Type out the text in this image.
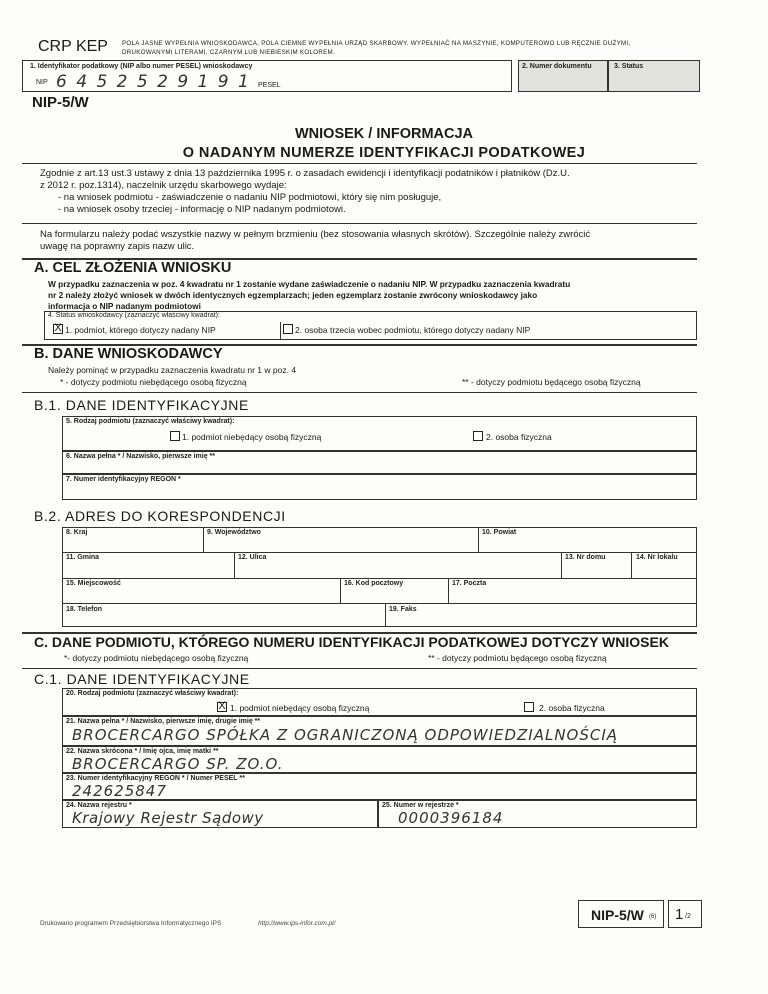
CRP KEP POLA JASNE WYPEŁNIA WNIOSKODAWCA, POLA CIEMNE WYPEŁNIA URZĄD SKARBOWY. WYPEŁNIAĆ NA MASZYNIE, KOMPUTEROWO LUB RĘCZNIE DUŻYMI,
DRUKOWANYMI LITERAMI, CZARNYM LUB NIEBIESKIM KOLOREM.
1. Identyfikator podatkowy (NIP albo numer PESEL) wnioskodawcy
NIP 6 4 5 2 5 2 9 1 9 1 PESEL
2. Numer dokumentu	3. Status
NIP-5/W
WNIOSEK / INFORMACJA
O NADANYM NUMERZE IDENTYFIKACJI PODATKOWEJ
Zgodnie z art.13 ust.3 ustawy z dnia 13 października 1995 r. o zasadach ewidencji i identyfikacji podatników i płatników (Dz.U.
z 2012 r. poz.1314), naczelnik urzędu skarbowego wydaje:
- na wniosek podmiotu - zaświadczenie o nadaniu NIP podmiotowi, który się nim posługuje,
- na wniosek osoby trzeciej - informację o NIP nadanym podmiotowi.
Na formularzu należy podać wszystkie nazwy w pełnym brzmieniu (bez stosowania własnych skrótów). Szczególnie należy zwrócić
uwagę na poprawny zapis nazw ulic.
A. CEL ZŁOŻENIA WNIOSKU
W przypadku zaznaczenia w poz. 4 kwadratu nr 1 zostanie wydane zaświadczenie o nadaniu NIP. W przypadku zaznaczenia kwadratu
nr 2 należy złożyć wniosek w dwóch identycznych egzemplarzach; jeden egzemplarz zostanie zwrócony wnioskodawcy jako
informacja o NIP nadanym podmiotowi
4. Status wnioskodawcy (zaznaczyć właściwy kwadrat):
X 1. podmiot, którego dotyczy nadany NIP	2. osoba trzecia wobec podmiotu, którego dotyczy nadany NIP
B. DANE WNIOSKODAWCY
Należy pominąć w przypadku zaznaczenia kwadratu nr 1 w poz. 4
* - dotyczy podmiotu niebędącego osobą fizyczną	** - dotyczy podmiotu będącego osobą fizyczną
B.1. DANE IDENTYFIKACYJNE
5. Rodzaj podmiotu (zaznaczyć właściwy kwadrat):
1. podmiot niebędący osobą fizyczną	2. osoba fizyczna
6. Nazwa pełna * / Nazwisko, pierwsze imię **
7. Numer identyfikacyjny REGON *
B.2. ADRES DO KORESPONDENCJI
8. Kraj	9. Województwo	10. Powiat
11. Gmina	12. Ulica	13. Nr domu	14. Nr lokalu
15. Miejscowość	16. Kod pocztowy	17. Poczta
18. Telefon	19. Faks
C. DANE PODMIOTU, KTÓREGO NUMERU IDENTYFIKACJI PODATKOWEJ DOTYCZY WNIOSEK
*- dotyczy podmiotu niebędącego osobą fizyczną	** - dotyczy podmiotu będącego osobą fizyczną
C.1. DANE IDENTYFIKACYJNE
20. Rodzaj podmiotu (zaznaczyć właściwy kwadrat):
X 1. podmiot niebędący osobą fizyczną	2. osoba fizyczna
21. Nazwa pełna * / Nazwisko, pierwsze imię, drugie imię **
BROCERCARGO SPÓŁKA Z OGRANICZONĄ ODPOWIEDZIALNOŚCIĄ
22. Nazwa skrócona * / Imię ojca, imię matki **
BROCERCARGO SP. ZO.O.
23. Numer identyfikacyjny REGON * / Numer PESEL **
242625847
24. Nazwa rejestru *
Krajowy Rejestr Sądowy
25. Numer w rejestrze *
0000396184
Drukowano programem Przedsiębiorstwa Informatycznego IPS	http://www.ips-infor.com.pl/
NIP-5/W (6) 1 /2
